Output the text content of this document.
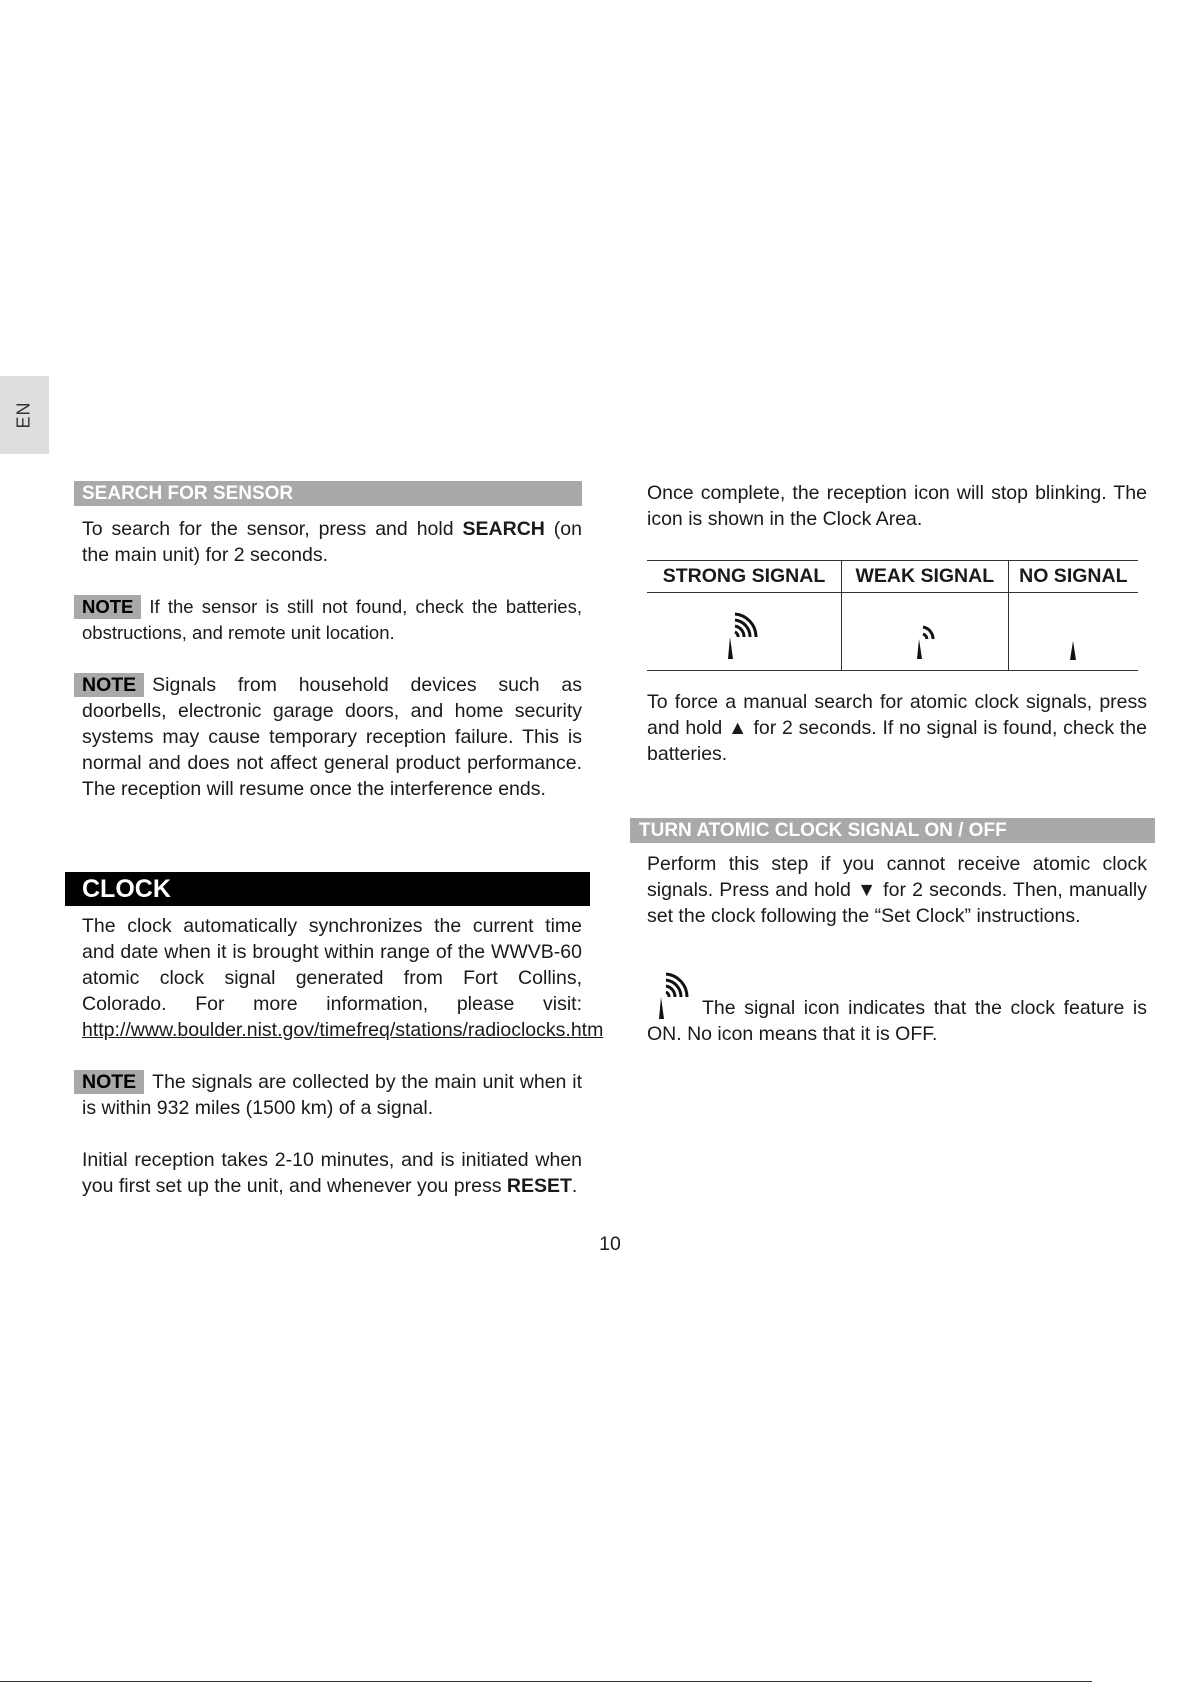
EN
SEARCH FOR SENSOR

To search for the sensor, press and hold SEARCH (on the main unit) for 2 seconds.

NOTE If the sensor is still not found, check the batteries, obstructions, and remote unit location.

NOTE Signals from household devices such as doorbells, electronic garage doors, and home security systems may cause temporary reception failure. This is normal and does not affect general product performance. The reception will resume once the interference ends.

CLOCK

The clock automatically synchronizes the current time and date when it is brought within range of the WWVB-60 atomic clock signal generated from Fort Collins, Colorado. For more information, please visit: http://www.boulder.nist.gov/timefreq/stations/radioclocks.htm

NOTE The signals are collected by the main unit when it is within 932 miles (1500 km) of a signal.

Initial reception takes 2-10 minutes, and is initiated when you first set up the unit, and whenever you press RESET.

Once complete, the reception icon will stop blinking. The icon is shown in the Clock Area.

STRONG SIGNAL	WEAK SIGNAL	NO SIGNAL

To force a manual search for atomic clock signals, press and hold ▲ for 2 seconds. If no signal is found, check the batteries.

TURN ATOMIC CLOCK SIGNAL ON / OFF

Perform this step if you cannot receive atomic clock signals. Press and hold ▼ for 2 seconds. Then, manually set the clock following the “Set Clock” instructions.

The signal icon indicates that the clock feature is ON. No icon means that it is OFF.

10
